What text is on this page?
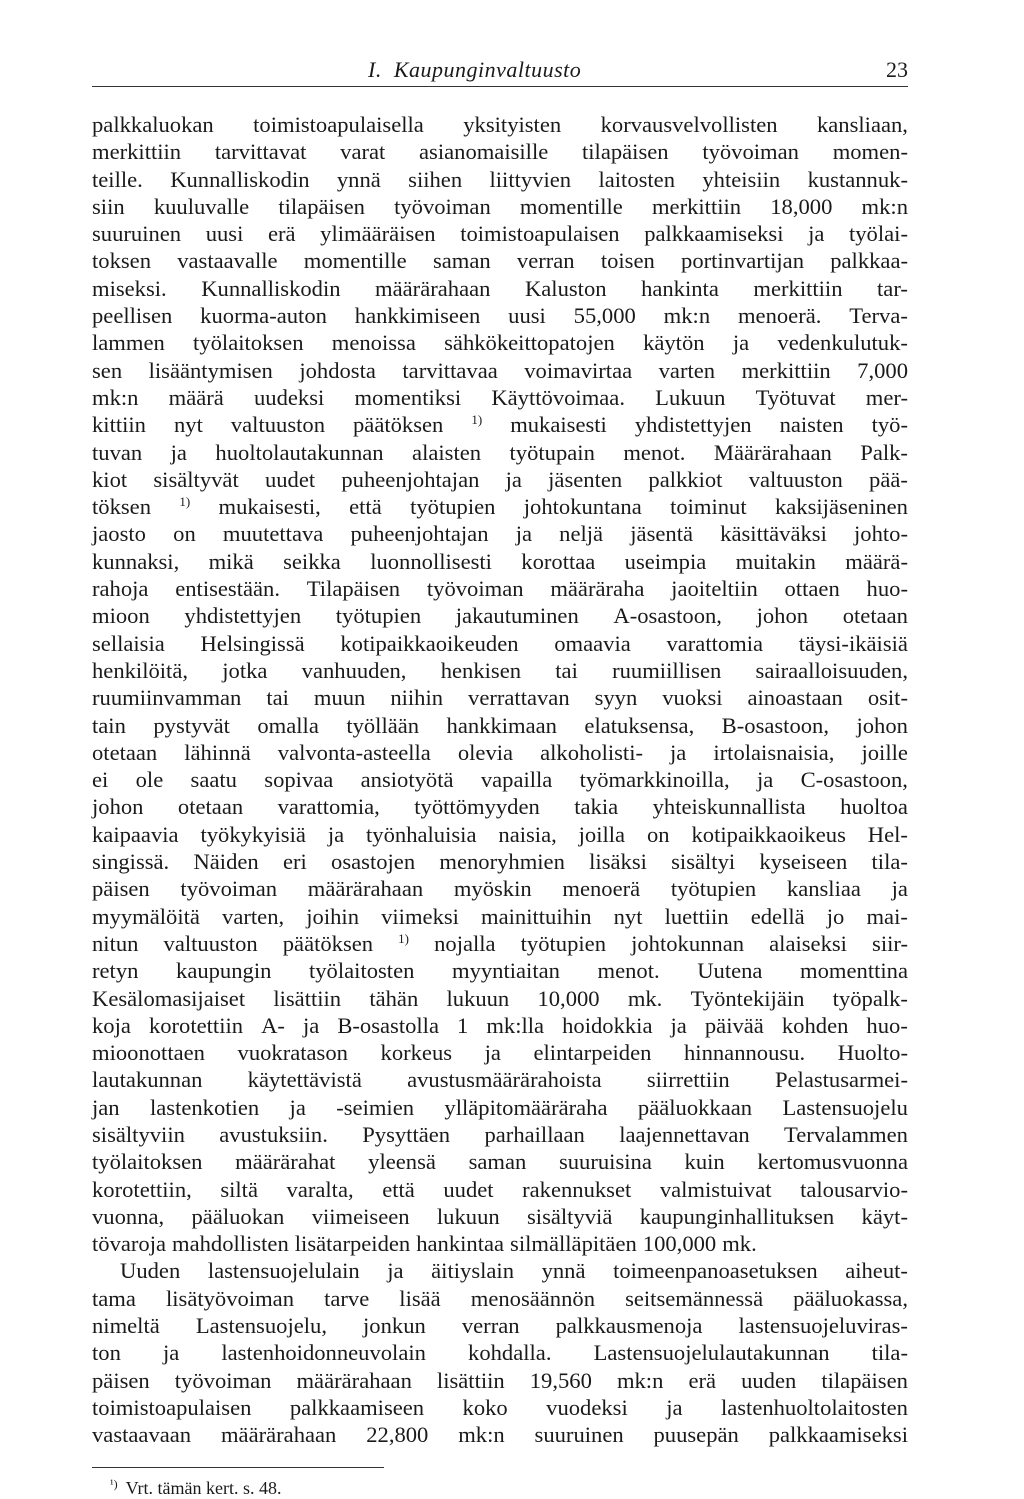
I. Kaupunginvaltuusto	23
palkkaluokan toimistoapulaisella yksityisten korvausvelvollisten kansliaan,
merkittiin tarvittavat varat asianomaisille tilapäisen työvoiman momen-
teille. Kunnalliskodin ynnä siihen liittyvien laitosten yhteisiin kustannuk-
siin kuuluvalle tilapäisen työvoiman momentille merkittiin 18,000 mk:n
suuruinen uusi erä ylimääräisen toimistoapulaisen palkkaamiseksi ja työlai-
toksen vastaavalle momentille saman verran toisen portinvartijan palkkaa-
miseksi. Kunnalliskodin määrärahaan Kaluston hankinta merkittiin tar-
peellisen kuorma-auton hankkimiseen uusi 55,000 mk:n menoerä. Terva-
lammen työlaitoksen menoissa sähkökeittopatojen käytön ja vedenkulutuk-
sen lisääntymisen johdosta tarvittavaa voimavirtaa varten merkittiin 7,000
mk:n määrä uudeksi momentiksi Käyttövoimaa. Lukuun Työtuvat mer-
kittiin nyt valtuuston päätöksen $^{1)}$ mukaisesti yhdistettyjen naisten työ-
tuvan ja huoltolautakunnan alaisten työtupain menot. Määrärahaan Palk-
kiot sisältyvät uudet puheenjohtajan ja jäsenten palkkiot valtuuston pää-
töksen $^{1)}$ mukaisesti, että työtupien johtokuntana toiminut kaksijäseninen
jaosto on muutettava puheenjohtajan ja neljä jäsentä käsittäväksi johto-
kunnaksi, mikä seikka luonnollisesti korottaa useimpia muitakin määrä-
rahoja entisestään. Tilapäisen työvoiman määräraha jaoiteltiin ottaen huo-
mioon yhdistettyjen työtupien jakautuminen A-osastoon, johon otetaan
sellaisia Helsingissä kotipaikkaoikeuden omaavia varattomia täysi-ikäisiä
henkilöitä, jotka vanhuuden, henkisen tai ruumiillisen sairaalloisuuden,
ruumiinvamman tai muun niihin verrattavan syyn vuoksi ainoastaan osit-
tain pystyvät omalla työllään hankkimaan elatuksensa, B-osastoon, johon
otetaan lähinnä valvonta-asteella olevia alkoholisti- ja irtolaisnaisia, joille
ei ole saatu sopivaa ansiotyötä vapailla työmarkkinoilla, ja C-osastoon,
johon otetaan varattomia, työttömyyden takia yhteiskunnallista huoltoa
kaipaavia työkykyisiä ja työnhaluisia naisia, joilla on kotipaikkaoikeus Hel-
singissä. Näiden eri osastojen menoryhmien lisäksi sisältyi kyseiseen tila-
päisen työvoiman määrärahaan myöskin menoerä työtupien kansliaa ja
myymälöitä varten, joihin viimeksi mainittuihin nyt luettiin edellä jo mai-
nitun valtuuston päätöksen $^{1)}$ nojalla työtupien johtokunnan alaiseksi siir-
retyn kaupungin työlaitosten myyntiaitan menot. Uutena momenttina
Kesälomasijaiset lisättiin tähän lukuun 10,000 mk. Työntekijäin työpalk-
koja korotettiin A- ja B-osastolla 1 mk:lla hoidokkia ja päivää kohden huo-
mioonottaen vuokratason korkeus ja elintarpeiden hinnannousu. Huolto-
lautakunnan käytettävistä avustusmäärärahoista siirrettiin Pelastusarmei-
jan lastenkotien ja -seimien ylläpitomääräraha pääluokkaan Lastensuojelu
sisältyviin avustuksiin. Pysyttäen parhaillaan laajennettavan Tervalammen
työlaitoksen määrärahat yleensä saman suuruisina kuin kertomusvuonna
korotettiin, siltä varalta, että uudet rakennukset valmistuivat talousarvio-
vuonna, pääluokan viimeiseen lukuun sisältyviä kaupunginhallituksen käyt-
tövaroja mahdollisten lisätarpeiden hankintaa silmälläpitäen 100,000 mk.
Uuden lastensuojelulain ja äitiyslain ynnä toimeenpanoasetuksen aiheut-
tama lisätyövoiman tarve lisää menosäännön seitsemännessä pääluokassa,
nimeltä Lastensuojelu, jonkun verran palkkausmenoja lastensuojeluviras-
ton ja lastenhoidonneuvolain kohdalla. Lastensuojelulautakunnan tila-
päisen työvoiman määrärahaan lisättiin 19,560 mk:n erä uuden tilapäisen
toimistoapulaisen palkkaamiseen koko vuodeksi ja lastenhuoltolaitosten
vastaavaan määrärahaan 22,800 mk:n suuruinen puusepän palkkaamiseksi
$^{^1)}$ Vrt. tämän kert. s. 48.
